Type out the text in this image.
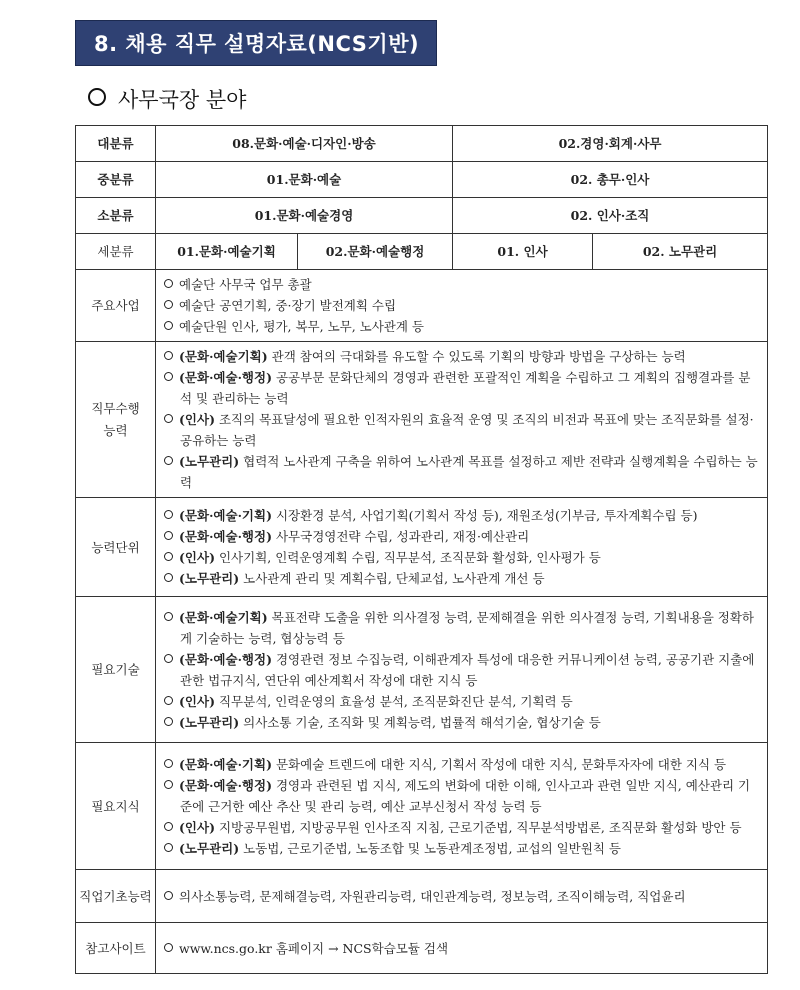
8. 채용 직무 설명자료(NCS기반)
사무국장 분야
대분류	08.문화·예술·디자인·방송		02.경영·회계·사무	
중분류	01.문화·예술		02. 총무·인사	
소분류	01.문화·예술경영		02. 인사·조직	
세분류	01.문화·예술기획	02.문화·예술행정	01. 인사	02. 노무관리
주요사업	예술단 사무국 업무 총괄
예술단 공연기획, 중·장기 발전계획 수립
예술단원 인사, 평가, 복무, 노무, 노사관계 등			

직무수행 능력	(문화·예술기획) 관객 참여의 극대화를 유도할 수 있도록 기획의 방향과 방법을 구상하는 능력
(문화·예술·행정) 공공부문 문화단체의 경영과 관련한 포괄적인 계획을 수립하고 그 계획의 집행결과를 분석 및 관리하는 능력
(인사) 조직의 목표달성에 필요한 인적자원의 효율적 운영 및 조직의 비전과 목표에 맞는 조직문화를 설정·공유하는 능력
(노무관리) 협력적 노사관계 구축을 위하여 노사관계 목표를 설정하고 제반 전략과 실행계획을 수립하는 능력			

능력단위	(문화·예술·기획) 시장환경 분석, 사업기획(기획서 작성 등), 재원조성(기부금, 투자계획수립 등)
(문화·예술·행정) 사무국경영전략 수립, 성과관리, 재정·예산관리
(인사) 인사기획, 인력운영계획 수립, 직무분석, 조직문화 활성화, 인사평가 등
(노무관리) 노사관계 관리 및 계획수립, 단체교섭, 노사관계 개선 등			

필요기술	(문화·예술기획) 목표전략 도출을 위한 의사결정 능력, 문제해결을 위한 의사결정 능력, 기획내용을 정확하게 기술하는 능력, 협상능력 등
(문화·예술·행정) 경영관련 정보 수집능력, 이해관계자 특성에 대응한 커뮤니케이션 능력, 공공기관 지출에 관한 법규지식, 연단위 예산계획서 작성에 대한 지식 등
(인사) 직무분석, 인력운영의 효율성 분석, 조직문화진단 분석, 기획력 등
(노무관리) 의사소통 기술, 조직화 및 계획능력, 법률적 해석기술, 협상기술 등			

필요지식	(문화·예술·기획) 문화예술 트렌드에 대한 지식, 기획서 작성에 대한 지식, 문화투자자에 대한 지식 등
(문화·예술·행정) 경영과 관련된 법 지식, 제도의 변화에 대한 이해, 인사고과 관련 일반 지식, 예산관리 기준에 근거한 예산 추산 및 관리 능력, 예산 교부신청서 작성 능력 등
(인사) 지방공무원법, 지방공무원 인사조직 지침, 근로기준법, 직무분석방법론, 조직문화 활성화 방안 등
(노무관리) 노동법, 근로기준법, 노동조합 및 노동관계조정법, 교섭의 일반원칙 등			

직업기초능력	의사소통능력, 문제해결능력, 자원관리능력, 대인관계능력, 정보능력, 조직이해능력, 직업윤리			

참고사이트	www.ncs.go.kr 홈페이지 → NCS학습모듈 검색			
